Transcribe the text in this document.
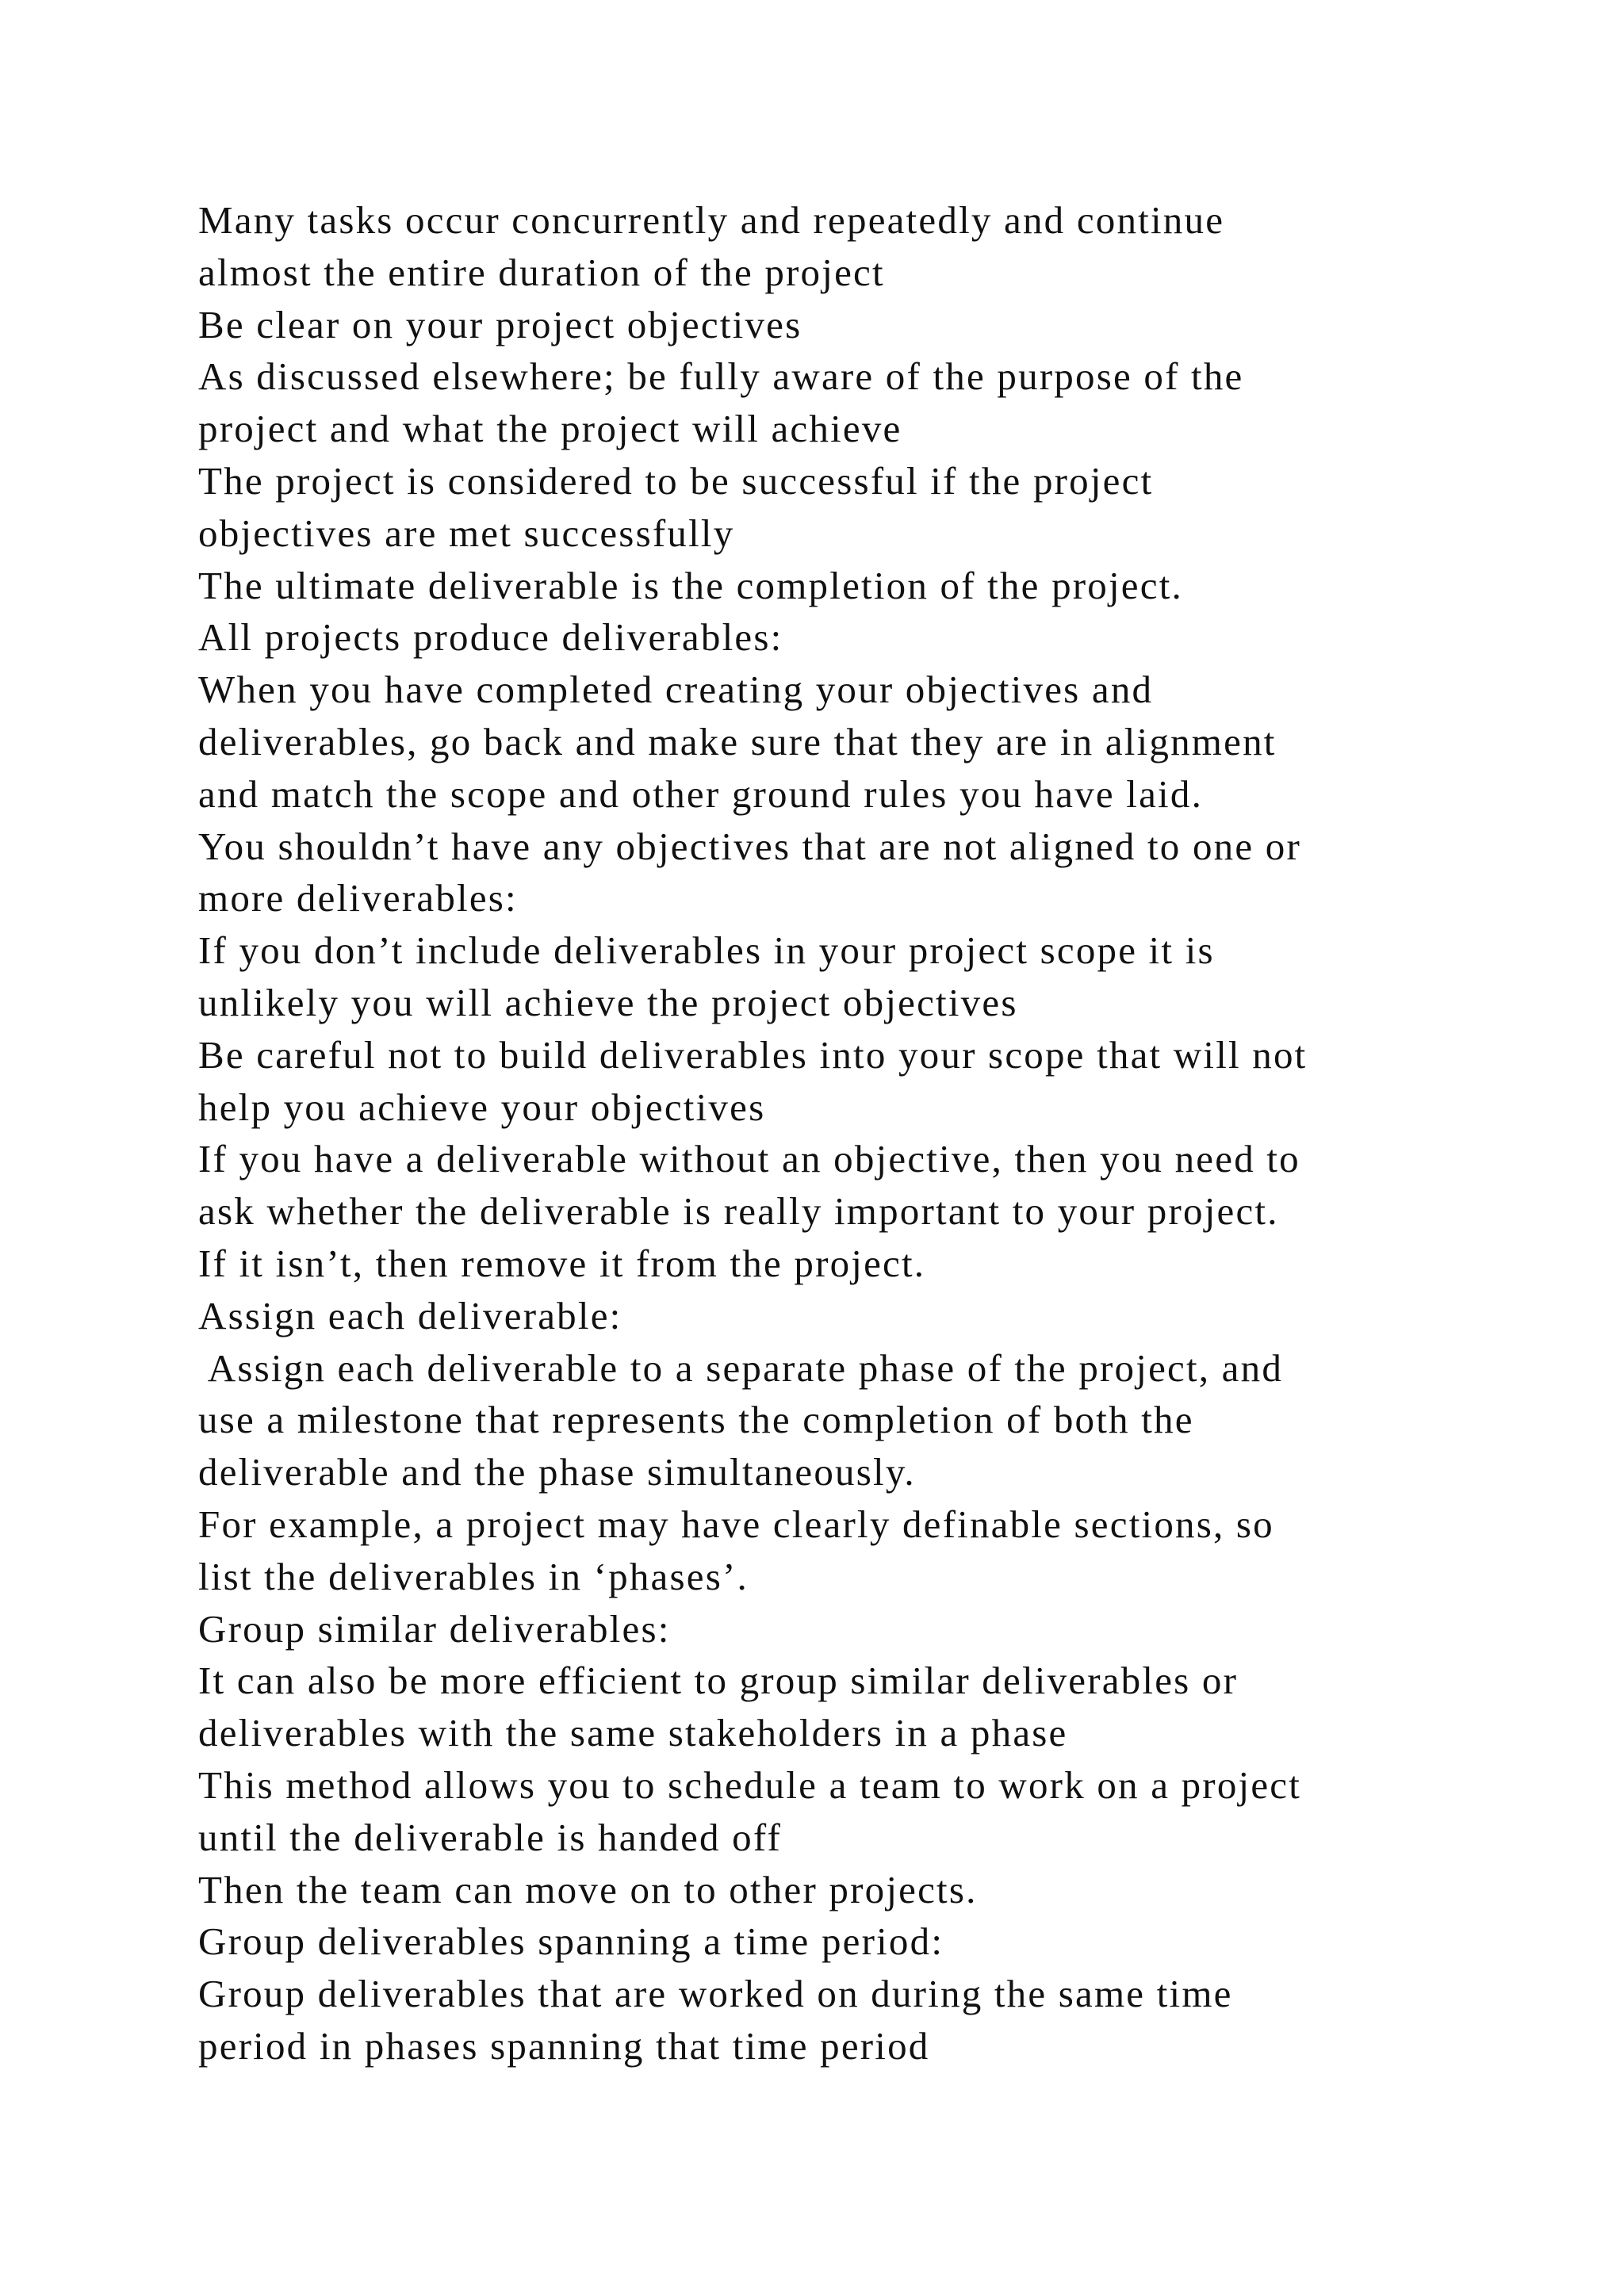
Many tasks occur concurrently and repeatedly and continue
almost the entire duration of the project
Be clear on your project objectives
As discussed elsewhere; be fully aware of the purpose of the
project and what the project will achieve
The project is considered to be successful if the project
objectives are met successfully
The ultimate deliverable is the completion of the project.
All projects produce deliverables:
When you have completed creating your objectives and
deliverables, go back and make sure that they are in alignment
and match the scope and other ground rules you have laid.
You shouldn’t have any objectives that are not aligned to one or
more deliverables:
If you don’t include deliverables in your project scope it is
unlikely you will achieve the project objectives
Be careful not to build deliverables into your scope that will not
help you achieve your objectives
If you have a deliverable without an objective, then you need to
ask whether the deliverable is really important to your project.
If it isn’t, then remove it from the project.
Assign each deliverable:
Assign each deliverable to a separate phase of the project, and
use a milestone that represents the completion of both the
deliverable and the phase simultaneously.
For example, a project may have clearly definable sections, so
list the deliverables in ‘phases’.
Group similar deliverables:
It can also be more efficient to group similar deliverables or
deliverables with the same stakeholders in a phase
This method allows you to schedule a team to work on a project
until the deliverable is handed off
Then the team can move on to other projects.
Group deliverables spanning a time period:
Group deliverables that are worked on during the same time
period in phases spanning that time period
